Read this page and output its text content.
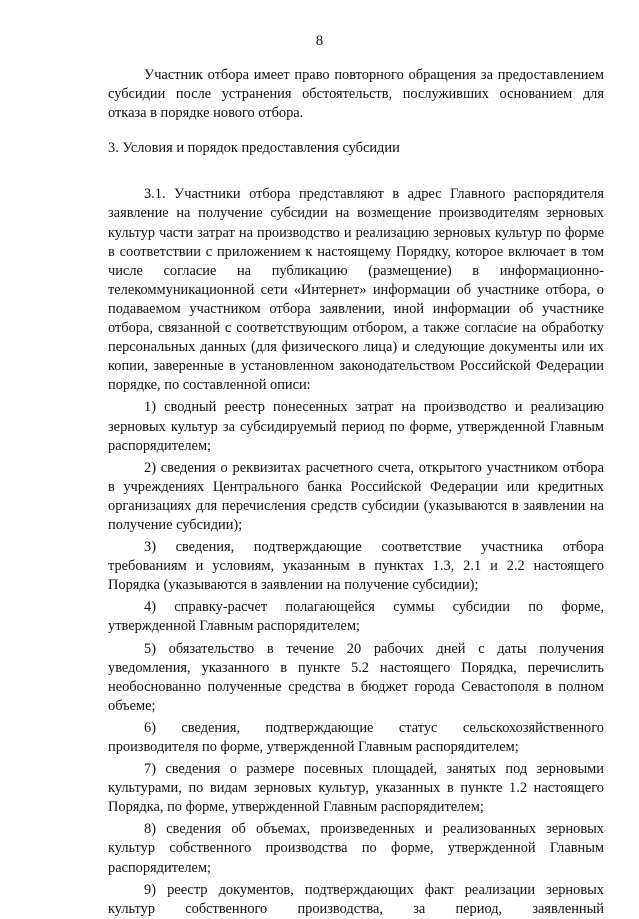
8

Участник отбора имеет право повторного обращения за предоставлением субсидии после устранения обстоятельств, послуживших основанием для отказа в порядке нового отбора.

3. Условия и порядок предоставления субсидии

3.1. Участники отбора представляют в адрес Главного распорядителя заявление на получение субсидии на возмещение производителям зерновых культур части затрат на производство и реализацию зерновых культур по форме в соответствии с приложением к настоящему Порядку, которое включает в том числе согласие на публикацию (размещение) в информационно-телекоммуникационной сети «Интернет» информации об участнике отбора, о подаваемом участником отбора заявлении, иной информации об участнике отбора, связанной с соответствующим отбором, а также согласие на обработку персональных данных (для физического лица) и следующие документы или их копии, заверенные в установленном законодательством Российской Федерации порядке, по составленной описи:

1) сводный реестр понесенных затрат на производство и реализацию зерновых культур за субсидируемый период по форме, утвержденной Главным распорядителем;

2) сведения о реквизитах расчетного счета, открытого участником отбора в учреждениях Центрального банка Российской Федерации или кредитных организациях для перечисления средств субсидии (указываются в заявлении на получение субсидии);

3) сведения, подтверждающие соответствие участника отбора требованиям и условиям, указанным в пунктах 1.3, 2.1 и 2.2 настоящего Порядка (указываются в заявлении на получение субсидии);

4) справку-расчет полагающейся суммы субсидии по форме, утвержденной Главным распорядителем;

5) обязательство в течение 20 рабочих дней с даты получения уведомления, указанного в пункте 5.2 настоящего Порядка, перечислить необоснованно полученные средства в бюджет города Севастополя в полном объеме;

6) сведения, подтверждающие статус сельскохозяйственного производителя по форме, утвержденной Главным распорядителем;

7) сведения о размере посевных площадей, занятых под зерновыми культурами, по видам зерновых культур, указанных в пункте 1.2 настоящего Порядка, по форме, утвержденной Главным распорядителем;

8) сведения об объемах, произведенных и реализованных зерновых культур собственного производства по форме, утвержденной Главным распорядителем;

9) реестр документов, подтверждающих факт реализации зерновых культур собственного производства, за период, заявленный
